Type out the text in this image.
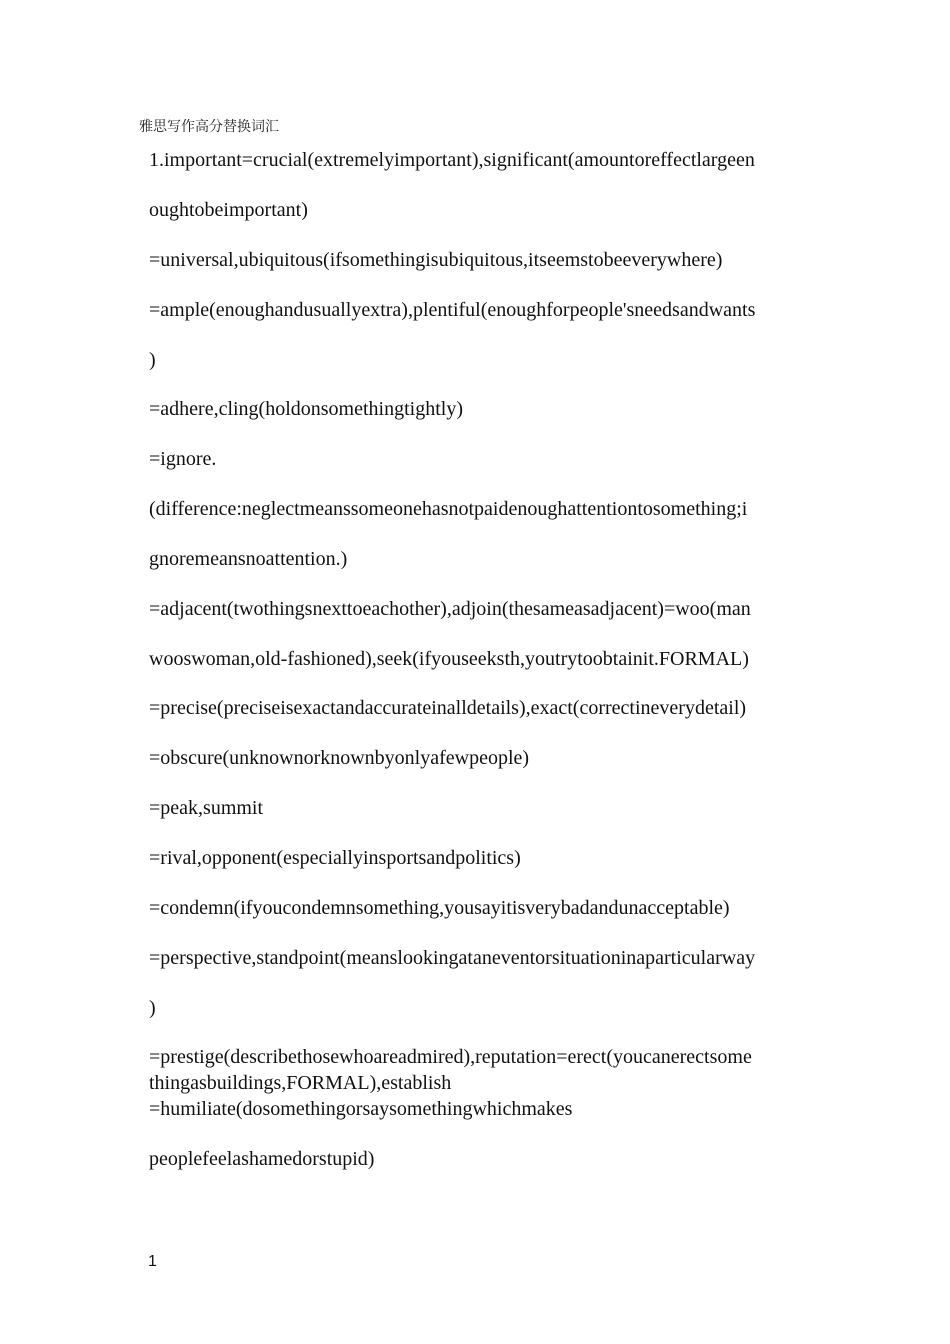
雅思写作高分替换词汇
1.important=crucial(extremelyimportant),significant(amountoreffectlargeen
oughtobeimportant)
=universal,ubiquitous(ifsomethingisubiquitous,itseemstobeeverywhere)
=ample(enoughandusuallyextra),plentiful(enoughforpeople'sneedsandwants
)
=adhere,cling(holdonsomethingtightly)
=ignore.
(difference:neglectmeanssomeonehasnotpaidenoughattentiontosomething;i
gnoremeansnoattention.)
=adjacent(twothingsnexttoeachother),adjoin(thesameasadjacent)=woo(man
wooswoman,old-fashioned),seek(ifyouseeksth,youtrytoobtainit.FORMAL)
=precise(preciseisexactandaccurateinalldetails),exact(correctineverydetail)
=obscure(unknownorknownbyonlyafewpeople)
=peak,summit
=rival,opponent(especiallyinsportsandpolitics)
=condemn(ifyoucondemnsomething,yousayitisverybadandunacceptable)
=perspective,standpoint(meanslookingataneventorsituationinaparticularway
)
=prestige(describethosewhoareadmired),reputation=erect(youcanerectsome
thingasbuildings,FORMAL),establish
=humiliate(dosomethingorsaysomethingwhichmakes
peoplefeelashamedorstupid)
1
